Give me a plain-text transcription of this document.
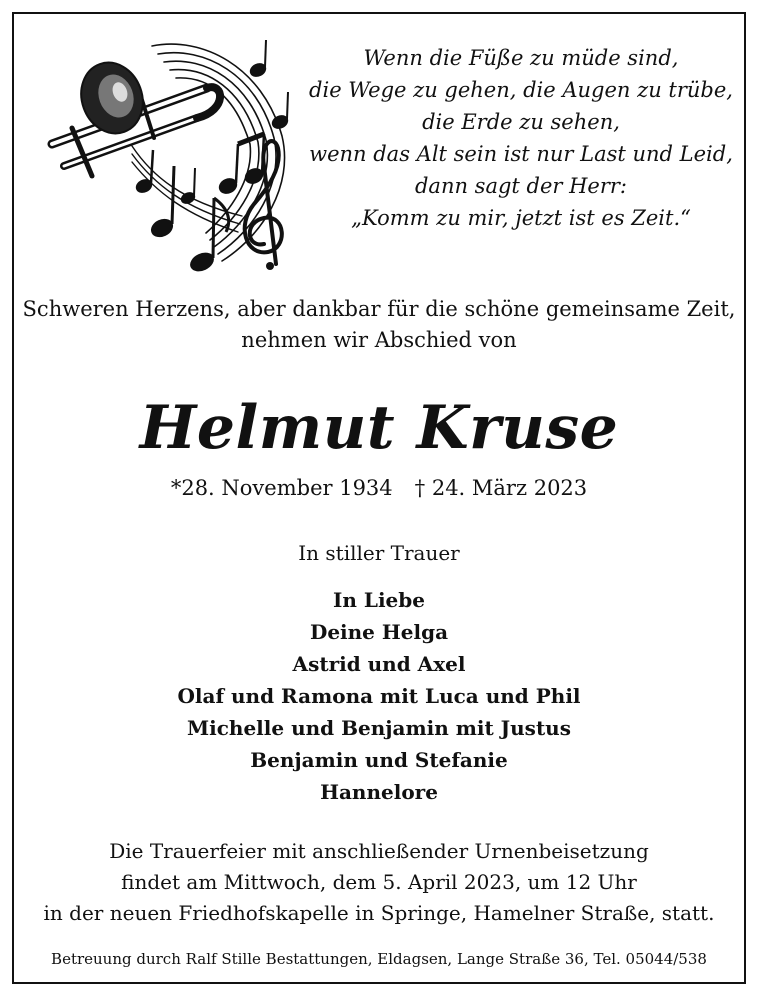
Wenn die Füße zu müde sind,
die Wege zu gehen, die Augen zu trübe,
die Erde zu sehen,
wenn das Alt sein ist nur Last und Leid,
dann sagt der Herr:
„Komm zu mir, jetzt ist es Zeit.“
Schweren Herzens, aber dankbar für die schöne gemeinsame Zeit,
nehmen wir Abschied von
Helmut Kruse
*28. November 1934 † 24. März 2023
In stiller Trauer
In Liebe
Deine Helga
Astrid und Axel
Olaf und Ramona mit Luca und Phil
Michelle und Benjamin mit Justus
Benjamin und Stefanie
Hannelore
Die Trauerfeier mit anschließender Urnenbeisetzung
findet am Mittwoch, dem 5. April 2023, um 12 Uhr
in der neuen Friedhofskapelle in Springe, Hamelner Straße, statt.
Betreuung durch Ralf Stille Bestattungen, Eldagsen, Lange Straße 36, Tel. 05044/538
